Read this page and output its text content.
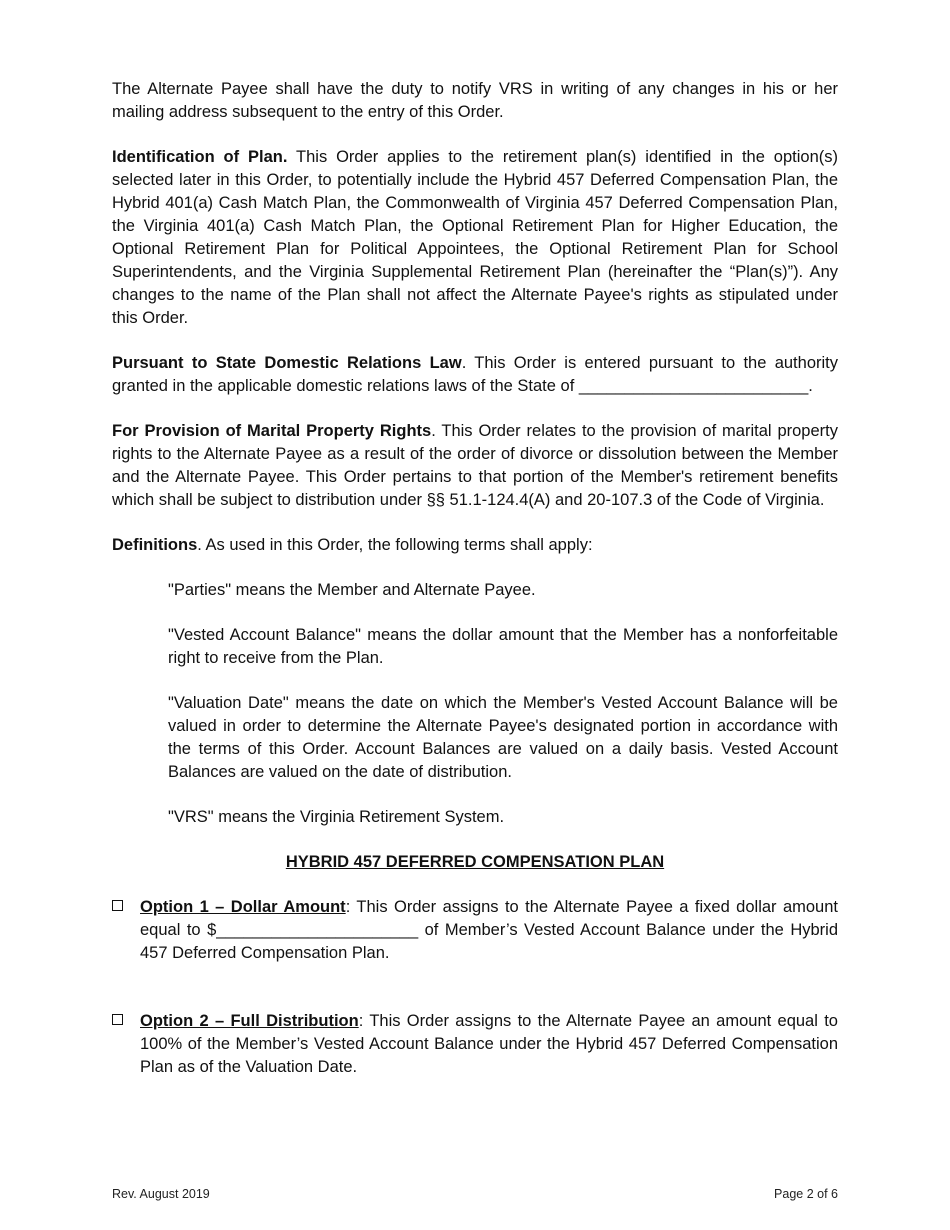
The Alternate Payee shall have the duty to notify VRS in writing of any changes in his or her mailing address subsequent to the entry of this Order.

Identification of Plan. This Order applies to the retirement plan(s) identified in the option(s) selected later in this Order, to potentially include the Hybrid 457 Deferred Compensation Plan, the Hybrid 401(a) Cash Match Plan, the Commonwealth of Virginia 457 Deferred Compensation Plan, the Virginia 401(a) Cash Match Plan, the Optional Retirement Plan for Higher Education, the Optional Retirement Plan for Political Appointees, the Optional Retirement Plan for School Superintendents, and the Virginia Supplemental Retirement Plan (hereinafter the “Plan(s)”). Any changes to the name of the Plan shall not affect the Alternate Payee's rights as stipulated under this Order.

Pursuant to State Domestic Relations Law. This Order is entered pursuant to the authority granted in the applicable domestic relations laws of the State of _________________________.

For Provision of Marital Property Rights. This Order relates to the provision of marital property rights to the Alternate Payee as a result of the order of divorce or dissolution between the Member and the Alternate Payee. This Order pertains to that portion of the Member's retirement benefits which shall be subject to distribution under §§ 51.1-124.4(A) and 20-107.3 of the Code of Virginia.

Definitions. As used in this Order, the following terms shall apply:

"Parties" means the Member and Alternate Payee.

"Vested Account Balance" means the dollar amount that the Member has a nonforfeitable right to receive from the Plan.

"Valuation Date" means the date on which the Member's Vested Account Balance will be valued in order to determine the Alternate Payee's designated portion in accordance with the terms of this Order. Account Balances are valued on a daily basis. Vested Account Balances are valued on the date of distribution.

"VRS" means the Virginia Retirement System.

HYBRID 457 DEFERRED COMPENSATION PLAN

Option 1 – Dollar Amount: This Order assigns to the Alternate Payee a fixed dollar amount equal to $______________________ of Member’s Vested Account Balance under the Hybrid 457 Deferred Compensation Plan.
Option 2 – Full Distribution: This Order assigns to the Alternate Payee an amount equal to 100% of the Member’s Vested Account Balance under the Hybrid 457 Deferred Compensation Plan as of the Valuation Date.
Rev. August 2019	Page 2 of 6
